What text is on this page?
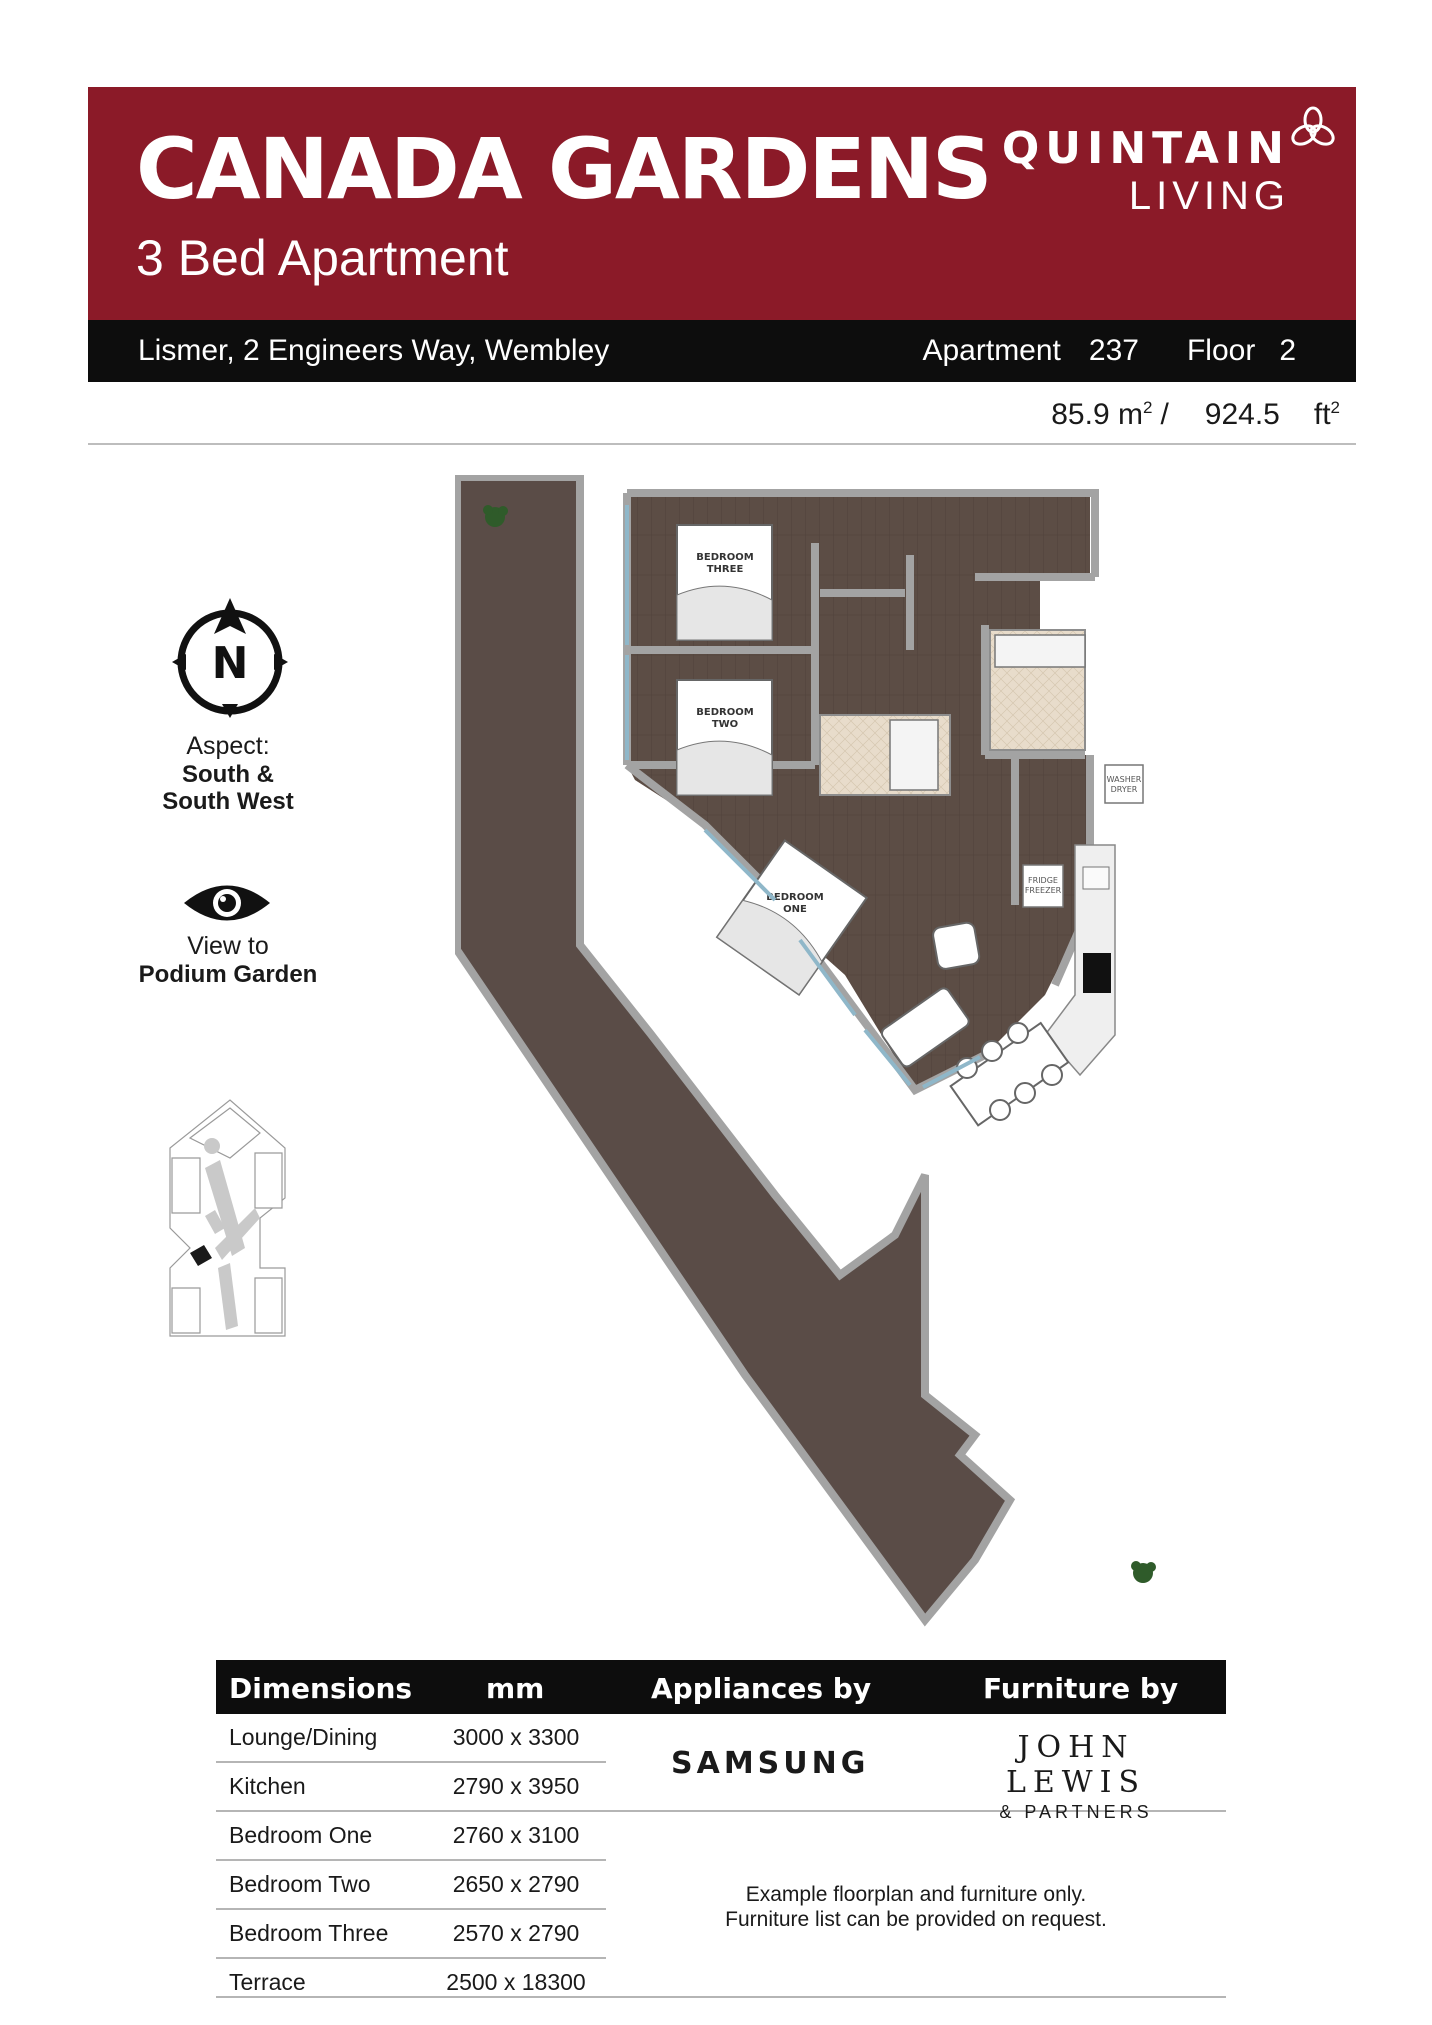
CANADA GARDENS
3 Bed Apartment
QUINTAIN
LIVING
Lismer, 2 Engineers Way, Wembley	Apartment 237 Floor 2
85.9 $m^2 / 924.5$ $ft^2$
N
Aspect:
South &
South West
View to
Podium Garden
WASHER
DRYER
FRIDGE
FREEZER
BEDROOM
THREE
BEDROOM
TWO
BEDROOM
ONE
Dimensions	mm	Appliances by	Furniture by
Lounge/Dining	3000 x 3300
Kitchen	2790 x 3950
Bedroom One	2760 x 3100
Bedroom Two	2650 x 2790
Bedroom Three	2570 x 2790
Terrace	2500 x 18300
SAMSUNG	JOHN LEWIS
& PARTNERS
Example floorplan and furniture only.
Furniture list can be provided on request.
